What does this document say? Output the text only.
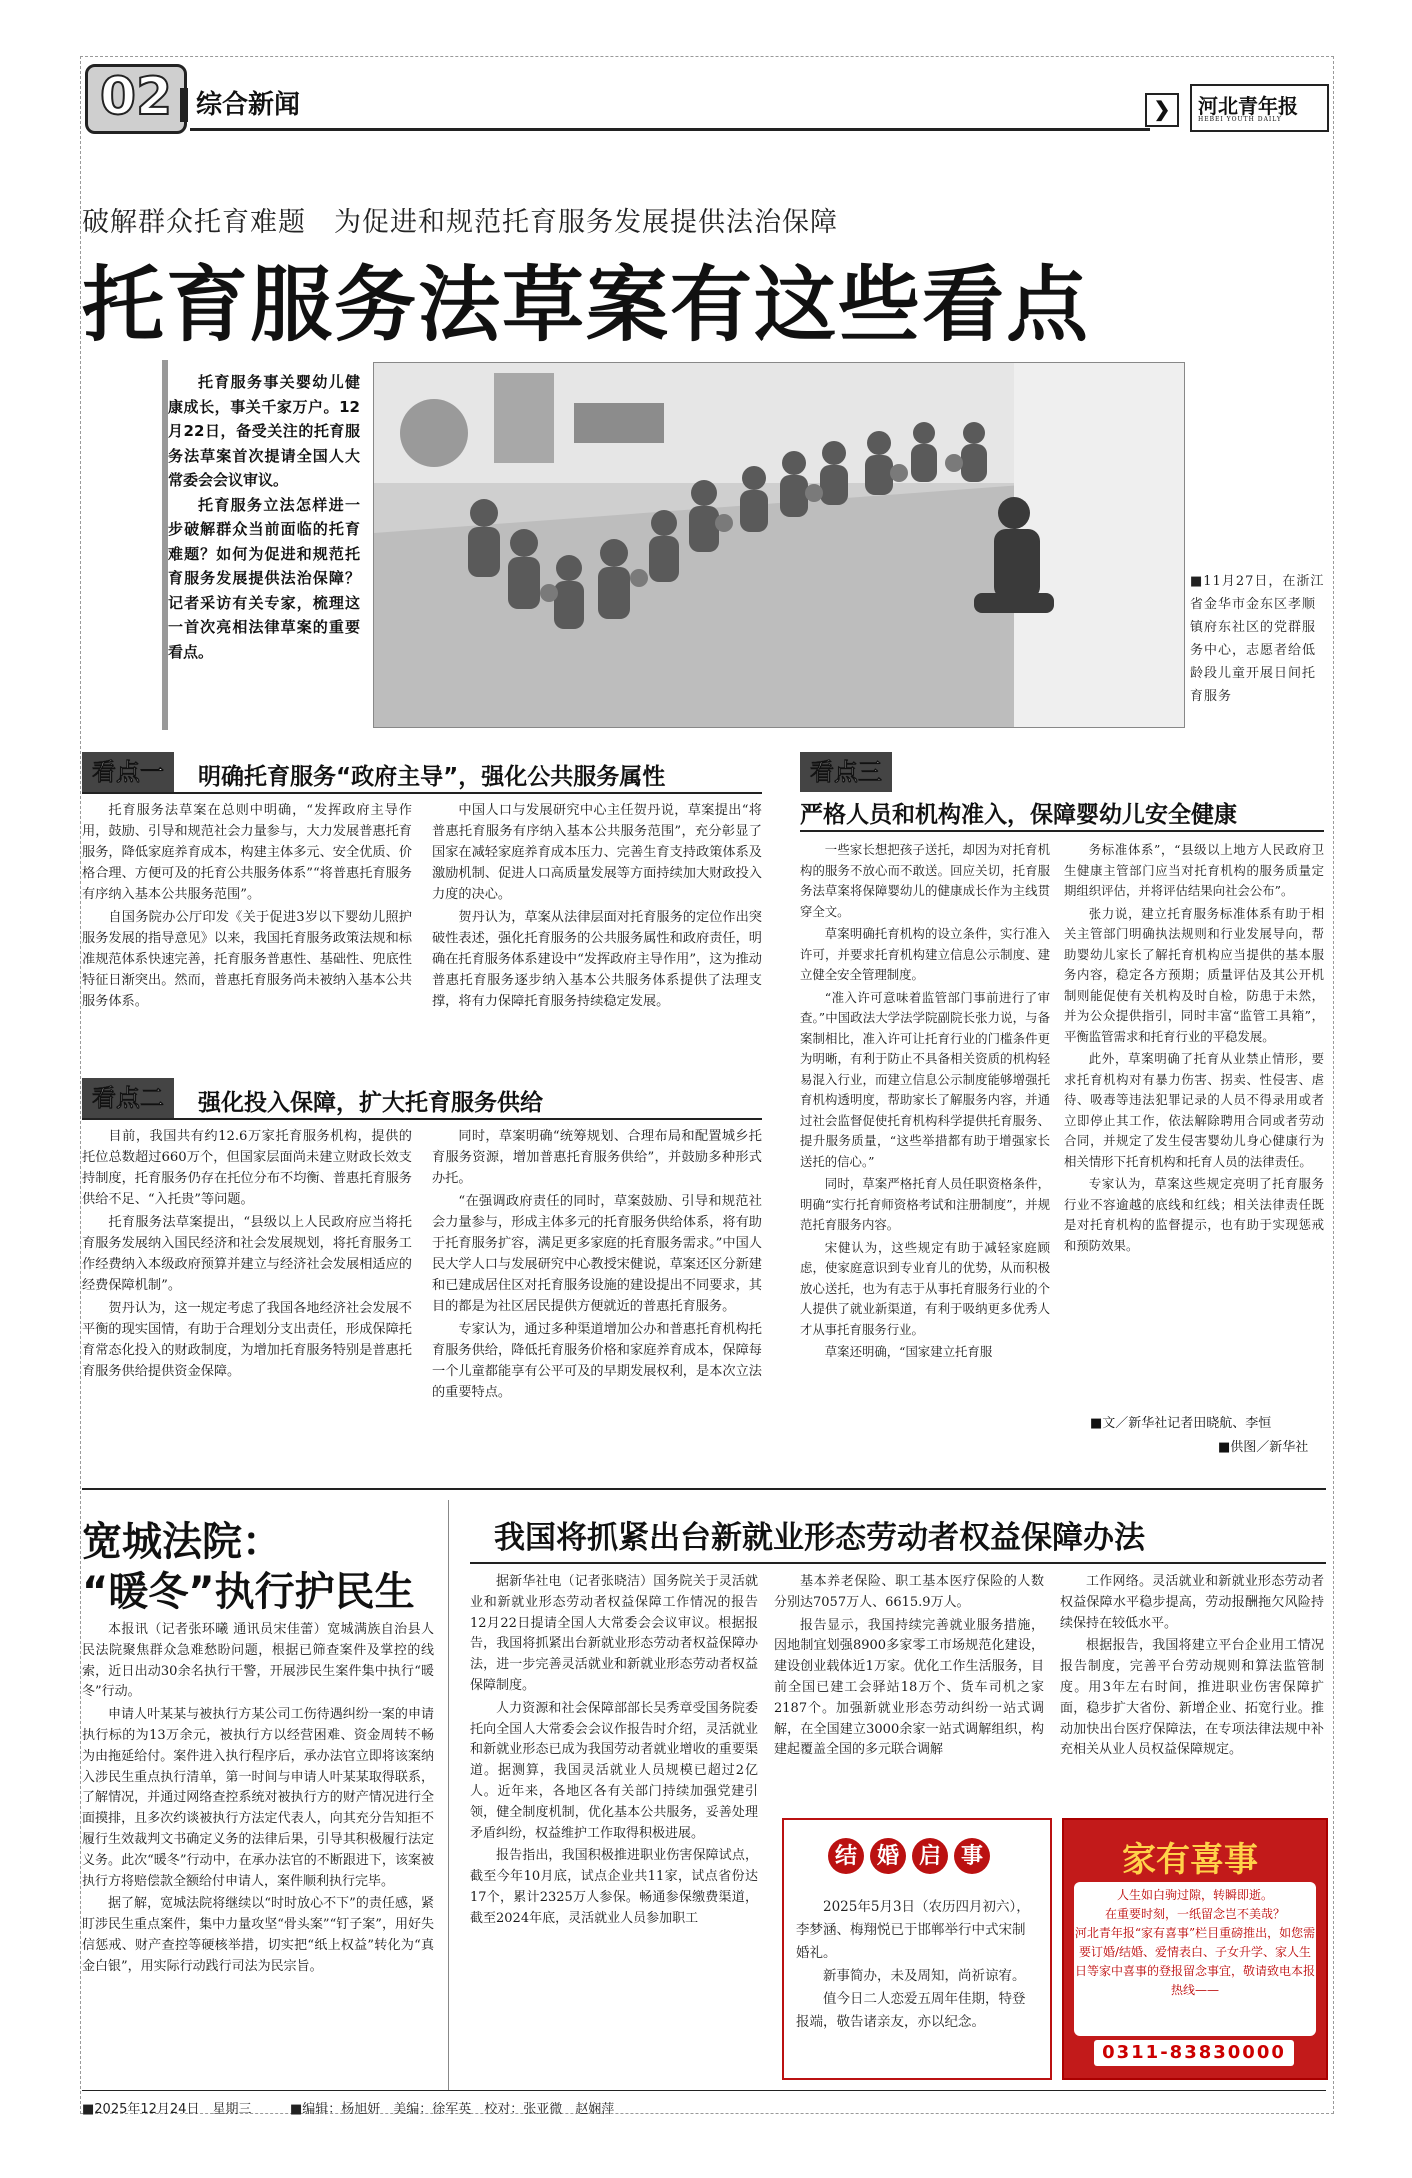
02 综合新闻	❯	河北青年报
HEBEI YOUTH DAILY
破解群众托育难题　为促进和规范托育服务发展提供法治保障
托育服务法草案有这些看点

托育服务事关婴幼儿健康成长，事关千家万户。12月22日，备受关注的托育服务法草案首次提请全国人大常委会会议审议。

托育服务立法怎样进一步破解群众当前面临的托育难题？如何为促进和规范托育服务发展提供法治保障？记者采访有关专家，梳理这一首次亮相法律草案的重要看点。

■11月27日，在浙江省金华市金东区孝顺镇府东社区的党群服务中心，志愿者给低龄段儿童开展日间托育服务
看点一	明确托育服务“政府主导”，强化公共服务属性

托育服务法草案在总则中明确，“发挥政府主导作用，鼓励、引导和规范社会力量参与，大力发展普惠托育服务，降低家庭养育成本，构建主体多元、安全优质、价格合理、方便可及的托育公共服务体系”“将普惠托育服务有序纳入基本公共服务范围”。

自国务院办公厅印发《关于促进3岁以下婴幼儿照护服务发展的指导意见》以来，我国托育服务政策法规和标准规范体系快速完善，托育服务普惠性、基础性、兜底性特征日渐突出。然而，普惠托育服务尚未被纳入基本公共服务体系。

中国人口与发展研究中心主任贺丹说，草案提出“将普惠托育服务有序纳入基本公共服务范围”，充分彰显了国家在减轻家庭养育成本压力、完善生育支持政策体系及激励机制、促进人口高质量发展等方面持续加大财政投入力度的决心。

贺丹认为，草案从法律层面对托育服务的定位作出突破性表述，强化托育服务的公共服务属性和政府责任，明确在托育服务体系建设中“发挥政府主导作用”，这为推动普惠托育服务逐步纳入基本公共服务体系提供了法理支撑，将有力保障托育服务持续稳定发展。

看点二	强化投入保障，扩大托育服务供给

目前，我国共有约12.6万家托育服务机构，提供的托位总数超过660万个，但国家层面尚未建立财政长效支持制度，托育服务仍存在托位分布不均衡、普惠托育服务供给不足、“入托贵”等问题。

托育服务法草案提出，“县级以上人民政府应当将托育服务发展纳入国民经济和社会发展规划，将托育服务工作经费纳入本级政府预算并建立与经济社会发展相适应的经费保障机制”。

贺丹认为，这一规定考虑了我国各地经济社会发展不平衡的现实国情，有助于合理划分支出责任，形成保障托育常态化投入的财政制度，为增加托育服务特别是普惠托育服务供给提供资金保障。

同时，草案明确“统筹规划、合理布局和配置城乡托育服务资源，增加普惠托育服务供给”，并鼓励多种形式办托。

“在强调政府责任的同时，草案鼓励、引导和规范社会力量参与，形成主体多元的托育服务供给体系，将有助于托育服务扩容，满足更多家庭的托育服务需求。”中国人民大学人口与发展研究中心教授宋健说，草案还区分新建和已建成居住区对托育服务设施的建设提出不同要求，其目的都是为社区居民提供方便就近的普惠托育服务。

专家认为，通过多种渠道增加公办和普惠托育机构托育服务供给，降低托育服务价格和家庭养育成本，保障每一个儿童都能享有公平可及的早期发展权利，是本次立法的重要特点。

看点三
严格人员和机构准入，保障婴幼儿安全健康

一些家长想把孩子送托，却因为对托育机构的服务不放心而不敢送。回应关切，托育服务法草案将保障婴幼儿的健康成长作为主线贯穿全文。

草案明确托育机构的设立条件，实行准入许可，并要求托育机构建立信息公示制度、建立健全安全管理制度。

“准入许可意味着监管部门事前进行了审查。”中国政法大学法学院副院长张力说，与备案制相比，准入许可让托育行业的门槛条件更为明晰，有利于防止不具备相关资质的机构轻易混入行业，而建立信息公示制度能够增强托育机构透明度，帮助家长了解服务内容，并通过社会监督促使托育机构科学提供托育服务、提升服务质量，“这些举措都有助于增强家长送托的信心。”

同时，草案严格托育人员任职资格条件，明确“实行托育师资格考试和注册制度”，并规范托育服务内容。

宋健认为，这些规定有助于减轻家庭顾虑，使家庭意识到专业育儿的优势，从而积极放心送托，也为有志于从事托育服务行业的个人提供了就业新渠道，有利于吸纳更多优秀人才从事托育服务行业。

草案还明确，“国家建立托育服

务标准体系”，“县级以上地方人民政府卫生健康主管部门应当对托育机构的服务质量定期组织评估，并将评估结果向社会公布”。

张力说，建立托育服务标准体系有助于相关主管部门明确执法规则和行业发展导向，帮助婴幼儿家长了解托育机构应当提供的基本服务内容，稳定各方预期；质量评估及其公开机制则能促使有关机构及时自检，防患于未然，并为公众提供指引，同时丰富“监管工具箱”，平衡监管需求和托育行业的平稳发展。

此外，草案明确了托育从业禁止情形，要求托育机构对有暴力伤害、拐卖、性侵害、虐待、吸毒等违法犯罪记录的人员不得录用或者立即停止其工作，依法解除聘用合同或者劳动合同，并规定了发生侵害婴幼儿身心健康行为相关情形下托育机构和托育人员的法律责任。

专家认为，草案这些规定亮明了托育服务行业不容逾越的底线和红线；相关法律责任既是对托育机构的监督提示，也有助于实现惩戒和预防效果。

■文／新华社记者田晓航、李恒
■供图／新华社
宽城法院：
“暖冬”执行护民生

本报讯（记者张环曦 通讯员宋佳蕾）宽城满族自治县人民法院聚焦群众急难愁盼问题，根据已筛查案件及掌控的线索，近日出动30余名执行干警，开展涉民生案件集中执行“暖冬”行动。

申请人叶某某与被执行方某公司工伤待遇纠纷一案的申请执行标的为13万余元，被执行方以经营困难、资金周转不畅为由拖延给付。案件进入执行程序后，承办法官立即将该案纳入涉民生重点执行清单，第一时间与申请人叶某某取得联系，了解情况，并通过网络查控系统对被执行方的财产情况进行全面摸排，且多次约谈被执行方法定代表人，向其充分告知拒不履行生效裁判文书确定义务的法律后果，引导其积极履行法定义务。此次“暖冬”行动中，在承办法官的不断跟进下，该案被执行方将赔偿款全额给付申请人，案件顺利执行完毕。

据了解，宽城法院将继续以“时时放心不下”的责任感，紧盯涉民生重点案件，集中力量攻坚“骨头案”“钉子案”，用好失信惩戒、财产查控等硬核举措，切实把“纸上权益”转化为“真金白银”，用实际行动践行司法为民宗旨。

我国将抓紧出台新就业形态劳动者权益保障办法

据新华社电（记者张晓洁）国务院关于灵活就业和新就业形态劳动者权益保障工作情况的报告12月22日提请全国人大常委会会议审议。根据报告，我国将抓紧出台新就业形态劳动者权益保障办法，进一步完善灵活就业和新就业形态劳动者权益保障制度。

人力资源和社会保障部部长吴秀章受国务院委托向全国人大常委会会议作报告时介绍，灵活就业和新就业形态已成为我国劳动者就业增收的重要渠道。据测算，我国灵活就业人员规模已超过2亿人。近年来，各地区各有关部门持续加强党建引领，健全制度机制，优化基本公共服务，妥善处理矛盾纠纷，权益维护工作取得积极进展。

报告指出，我国积极推进职业伤害保障试点，截至今年10月底，试点企业共11家，试点省份达17个，累计2325万人参保。畅通参保缴费渠道，截至2024年底，灵活就业人员参加职工

基本养老保险、职工基本医疗保险的人数分别达7057万人、6615.9万人。

报告显示，我国持续完善就业服务措施，因地制宜划强8900多家零工市场规范化建设，建设创业载体近1万家。优化工作生活服务，目前全国已建工会驿站18万个、货车司机之家2187个。加强新就业形态劳动纠纷一站式调解，在全国建立3000余家一站式调解组织，构建起覆盖全国的多元联合调解

工作网络。灵活就业和新就业形态劳动者权益保障水平稳步提高，劳动报酬拖欠风险持续保持在较低水平。

根据报告，我国将建立平台企业用工情况报告制度，完善平台劳动规则和算法监管制度。用3年左右时间，推进职业伤害保障扩面，稳步扩大省份、新增企业、拓宽行业。推动加快出台医疗保障法，在专项法律法规中补充相关从业人员权益保障规定。

结 婚 启 事

2025年5月3日（农历四月初六），李梦涵、梅翔悦已于邯郸举行中式宋制婚礼。

新事简办，未及周知，尚祈谅宥。

值今日二人恋爱五周年佳期，特登报端，敬告诸亲友，亦以纪念。

家有喜事

人生如白驹过隙，转瞬即逝。

在重要时刻，一纸留念岂不美哉？

河北青年报“家有喜事”栏目重磅推出，如您需要订婚/结婚、爱情表白、子女升学、家人生日等家中喜事的登报留念事宜，敬请致电本报热线——

0311-83830000
■2025年12月24日　星期三	■编辑：杨旭妍　美编：徐军英　校对：张亚微　赵娴萍
